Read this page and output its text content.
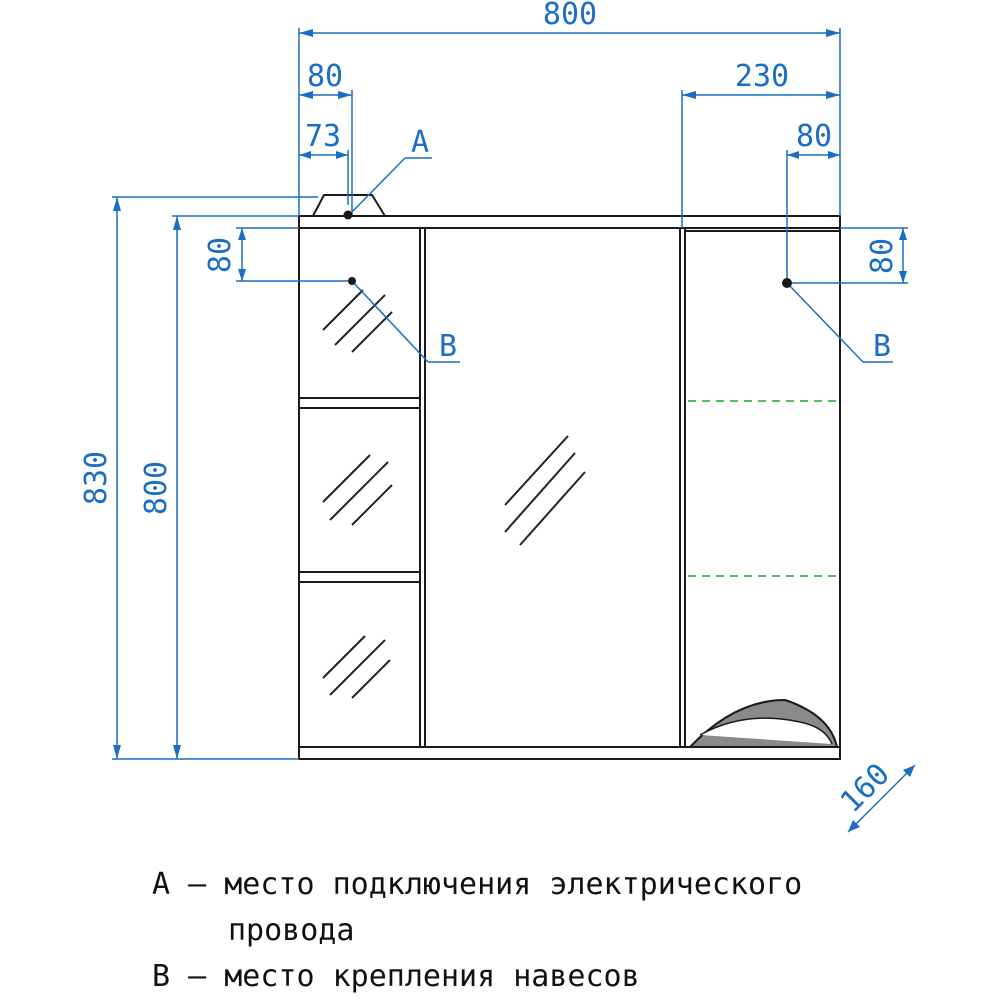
800
80
73
230
80
830 800
80	80
160
A
B	B
A – место подключения электрического
провода
B – место крепления навесов
